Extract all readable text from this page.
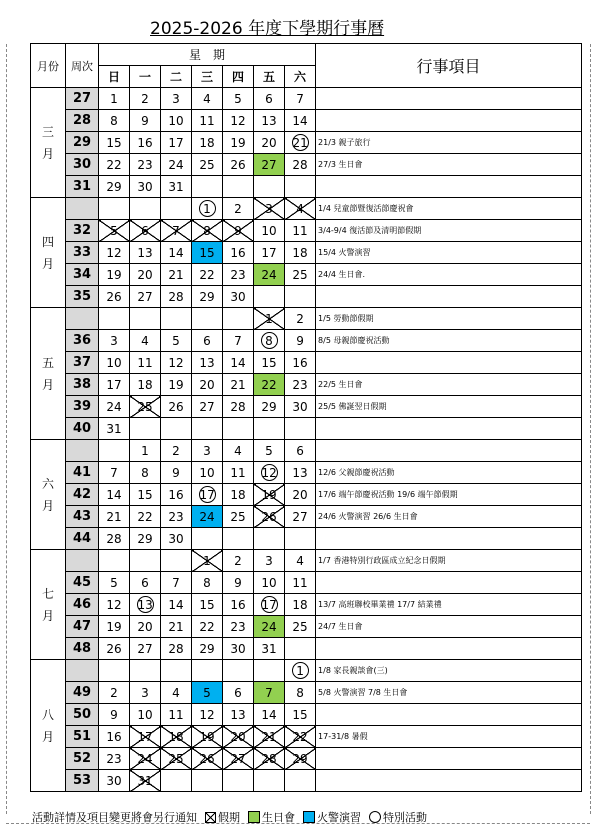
2025-2026 年度下學期行事曆
月份	周次	星　期							行事項目
		日	一	二	三	四	五	六	
三
月	27	1	2	3	4	5	6	7	
	28	8	9	10	11	12	13	14	
	29	15	16	17	18	19	20	21	21/3 親子旅行
	30	22	23	24	25	26	27	28	27/3 生日會
	31	29	30	31					
四
月					1	2	3	4	1/4 兒童節暨復活節慶祝會
	32	5	6	7	8	9	10	11	3/4-9/4 復活節及清明節假期
	33	12	13	14	15	16	17	18	15/4 火警演習
	34	19	20	21	22	23	24	25	24/4 生日會.
	35	26	27	28	29	30			
五
月							1	2	1/5 勞動節假期
	36	3	4	5	6	7	8	9	8/5 母親節慶祝活動
	37	10	11	12	13	14	15	16	
	38	17	18	19	20	21	22	23	22/5 生日會
	39	24	25	26	27	28	29	30	25/5 佛誕翌日假期
	40	31							
六
月			1	2	3	4	5	6	
	41	7	8	9	10	11	12	13	12/6 父親節慶祝活動
	42	14	15	16	17	18	19	20	17/6 端午節慶祝活動 19/6 端午節假期
	43	21	22	23	24	25	26	27	24/6 火警演習 26/6 生日會
	44	28	29	30					
七
月					1	2	3	4	1/7 香港特別行政區成立紀念日假期
	45	5	6	7	8	9	10	11	
	46	12	13	14	15	16	17	18	13/7 高班聯校畢業禮 17/7 結業禮
	47	19	20	21	22	23	24	25	24/7 生日會
	48	26	27	28	29	30	31		
八
月								1	1/8 家長親談會(三)
	49	2	3	4	5	6	7	8	5/8 火警演習 7/8 生日會
	50	9	10	11	12	13	14	15	
	51	16	17	18	19	20	21	22	17-31/8 暑假
	52	23	24	25	26	27	28	29	
	53	30	31						
活動詳情及項目變更將會另行通知 假期 生日會 火警演習 特別活動
